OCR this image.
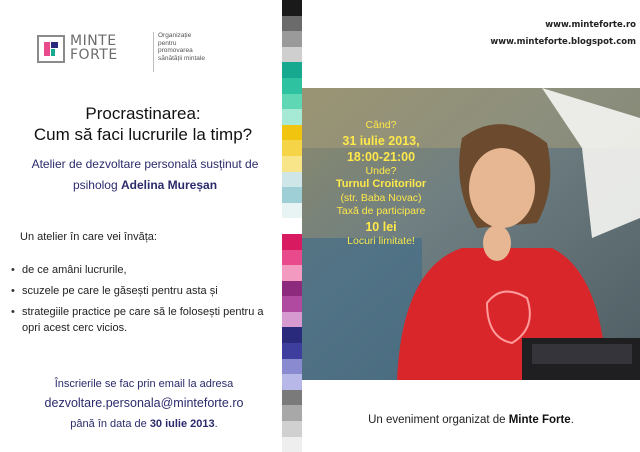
MINTE
FORTE
Organizație
pentru
promovarea
sănătății mintale
Procrastinarea:
Cum să faci lucrurile la timp?
Atelier de dezvoltare personală susținut de psiholog Adelina Mureșan
Un atelier în care vei învăța:
• de ce amâni lucrurile,
• scuzele pe care le găsești pentru asta și
• strategiile practice pe care să le folosești pentru a opri acest cerc vicios.
Înscrierile se fac prin email la adresa
dezvoltare.personala@minteforte.ro
până în data de 30 iulie 2013.
www.minteforte.ro
www.minteforte.blogspot.com
Când?
31 iulie 2013,
18:00-21:00
Unde?
Turnul Croitorilor
(str. Baba Novac)
Taxă de participare
10 lei
Locuri limitate!
Un eveniment organizat de Minte Forte.
